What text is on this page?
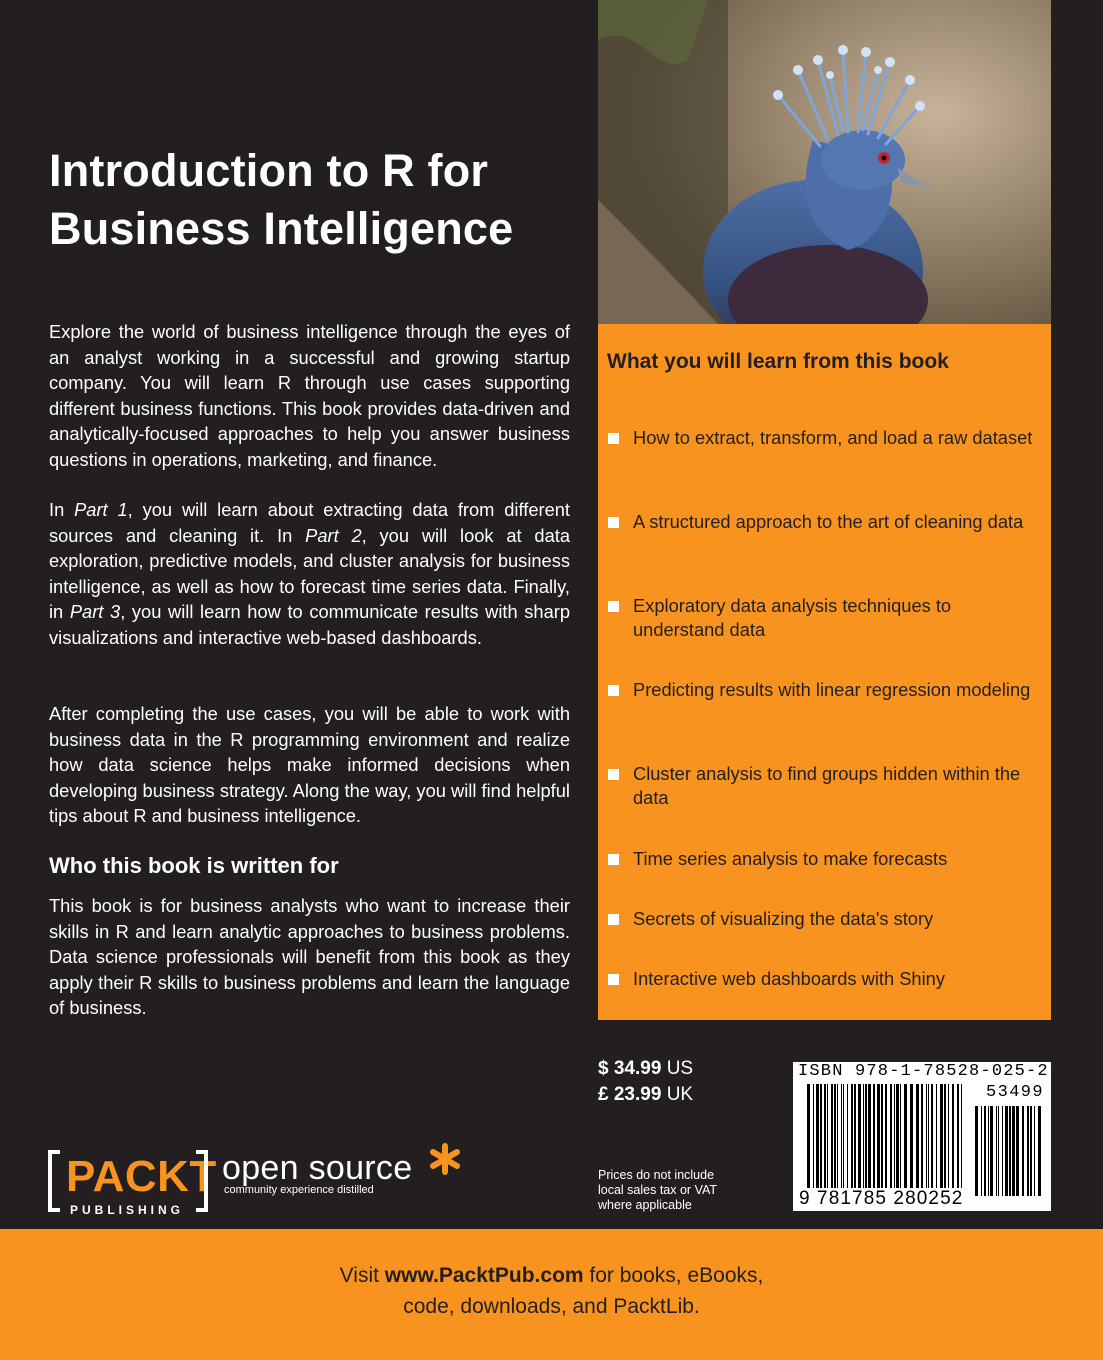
Introduction to R for
Business Intelligence
Explore the world of business intelligence through the eyes of an analyst working in a successful and growing startup company. You will learn R through use cases supporting different business functions. This book provides data-driven and analytically-focused approaches to help you answer business questions in operations, marketing, and finance.
In Part 1, you will learn about extracting data from different sources and cleaning it. In Part 2, you will look at data exploration, predictive models, and cluster analysis for business intelligence, as well as how to forecast time series data. Finally, in Part 3, you will learn how to communicate results with sharp visualizations and interactive web-based dashboards.
After completing the use cases, you will be able to work with business data in the R programming environment and realize how data science helps make informed decisions when developing business strategy. Along the way, you will find helpful tips about R and business intelligence.
Who this book is written for
This book is for business analysts who want to increase their skills in R and learn analytic approaches to business problems. Data science professionals will benefit from this book as they apply their R skills to business problems and learn the language of business.
What you will learn from this book
How to extract, transform, and load a raw dataset
A structured approach to the art of cleaning data
Exploratory data analysis techniques to understand data
Predicting results with linear regression modeling
Cluster analysis to find groups hidden within the data
Time series analysis to make forecasts
Secrets of visualizing the data's story
Interactive web dashboards with Shiny
$ 34.99 US
£ 23.99 UK
Prices do not include
local sales tax or VAT
where applicable
ISBN 978-1-78528-025-2
53499
9 781785 280252
PACKT
PUBLISHING
open source
community experience distilled
Visit www.PacktPub.com for books, eBooks,
code, downloads, and PacktLib.
